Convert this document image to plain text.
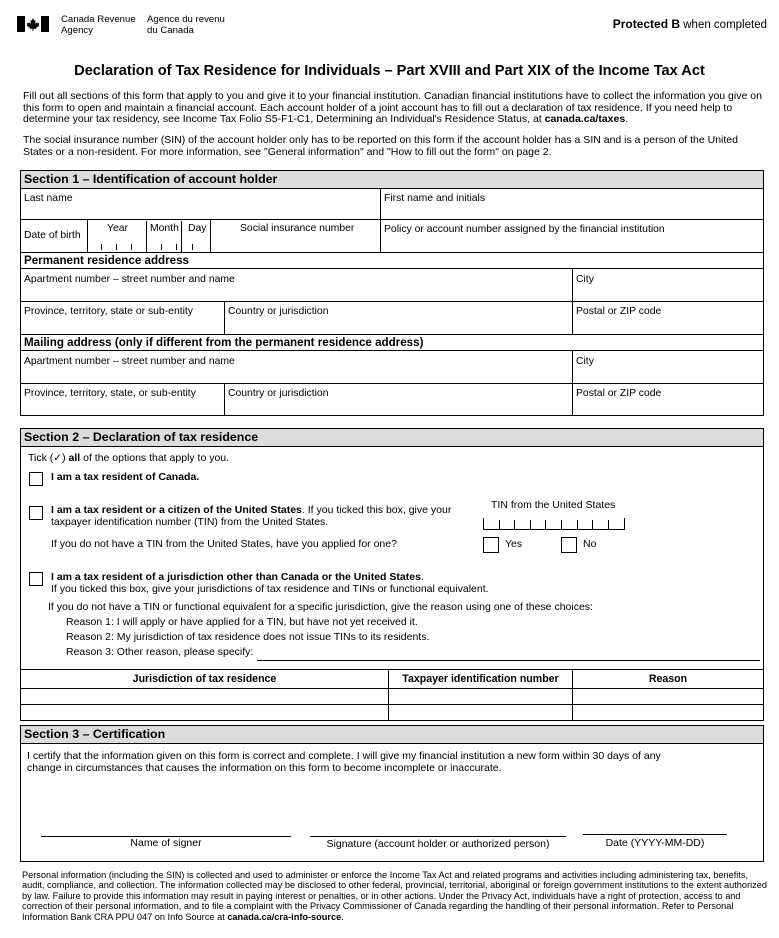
Canada Revenue
Agency
Agence du revenu
du Canada	Protected B when completed
Declaration of Tax Residence for Individuals – Part XVIII and Part XIX of the Income Tax Act
Fill out all sections of this form that apply to you and give it to your financial institution. Canadian financial institutions have to collect the information you give on this form to open and maintain a financial account. Each account holder of a joint account has to fill out a declaration of tax residence. If you need help to determine your tax residency, see Income Tax Folio S5-F1-C1, Determining an Individual's Residence Status, at canada.ca/taxes.
The social insurance number (SIN) of the account holder only has to be reported on this form if the account holder has a SIN and is a person of the United States or a non-resident. For more information, see "General information" and "How to fill out the form" on page 2.
Section 1 – Identification of account holder
Last name	First name and initials
Date of birth
Year Month Day	Social insurance number	Policy or account number assigned by the financial institution
Permanent residence address
Apartment number – street number and name	City
Province, territory, state or sub-entity	Country or jurisdiction	Postal or ZIP code
Mailing address (only if different from the permanent residence address)
Apartment number – street number and name	City
Province, territory, state, or sub-entity	Country or jurisdiction	Postal or ZIP code
Section 2 – Declaration of tax residence
Tick (✓) all of the options that apply to you.
I am a tax resident of Canada.
I am a tax resident or a citizen of the United States. If you ticked this box, give your taxpayer identification number (TIN) from the United States.
TIN from the United States
If you do not have a TIN from the United States, have you applied for one?	Yes	No
I am a tax resident of a jurisdiction other than Canada or the United States.
If you ticked this box, give your jurisdictions of tax residence and TINs or functional equivalent.
If you do not have a TIN or functional equivalent for a specific jurisdiction, give the reason using one of these choices:
Reason 1: I will apply or have applied for a TIN, but have not yet received it.
Reason 2: My jurisdiction of tax residence does not issue TINs to its residents.
Reason 3: Other reason, please specify:
Jurisdiction of tax residence	Taxpayer identification number	Reason
Section 3 – Certification
I certify that the information given on this form is correct and complete. I will give my financial institution a new form within 30 days of any change in circumstances that causes the information on this form to become incomplete or inaccurate.
Name of signer	Signature (account holder or authorized person)	Date (YYYY-MM-DD)
Personal information (including the SIN) is collected and used to administer or enforce the Income Tax Act and related programs and activities including administering tax, benefits, audit, compliance, and collection. The information collected may be disclosed to other federal, provincial, territorial, aboriginal or foreign government institutions to the extent authorized by law. Failure to provide this information may result in paying interest or penalties, or in other actions. Under the Privacy Act, individuals have a right of protection, access to and correction of their personal information, and to file a complaint with the Privacy Commissioner of Canada regarding the handling of their personal information. Refer to Personal Information Bank CRA PPU 047 on Info Source at canada.ca/cra-info-source.
